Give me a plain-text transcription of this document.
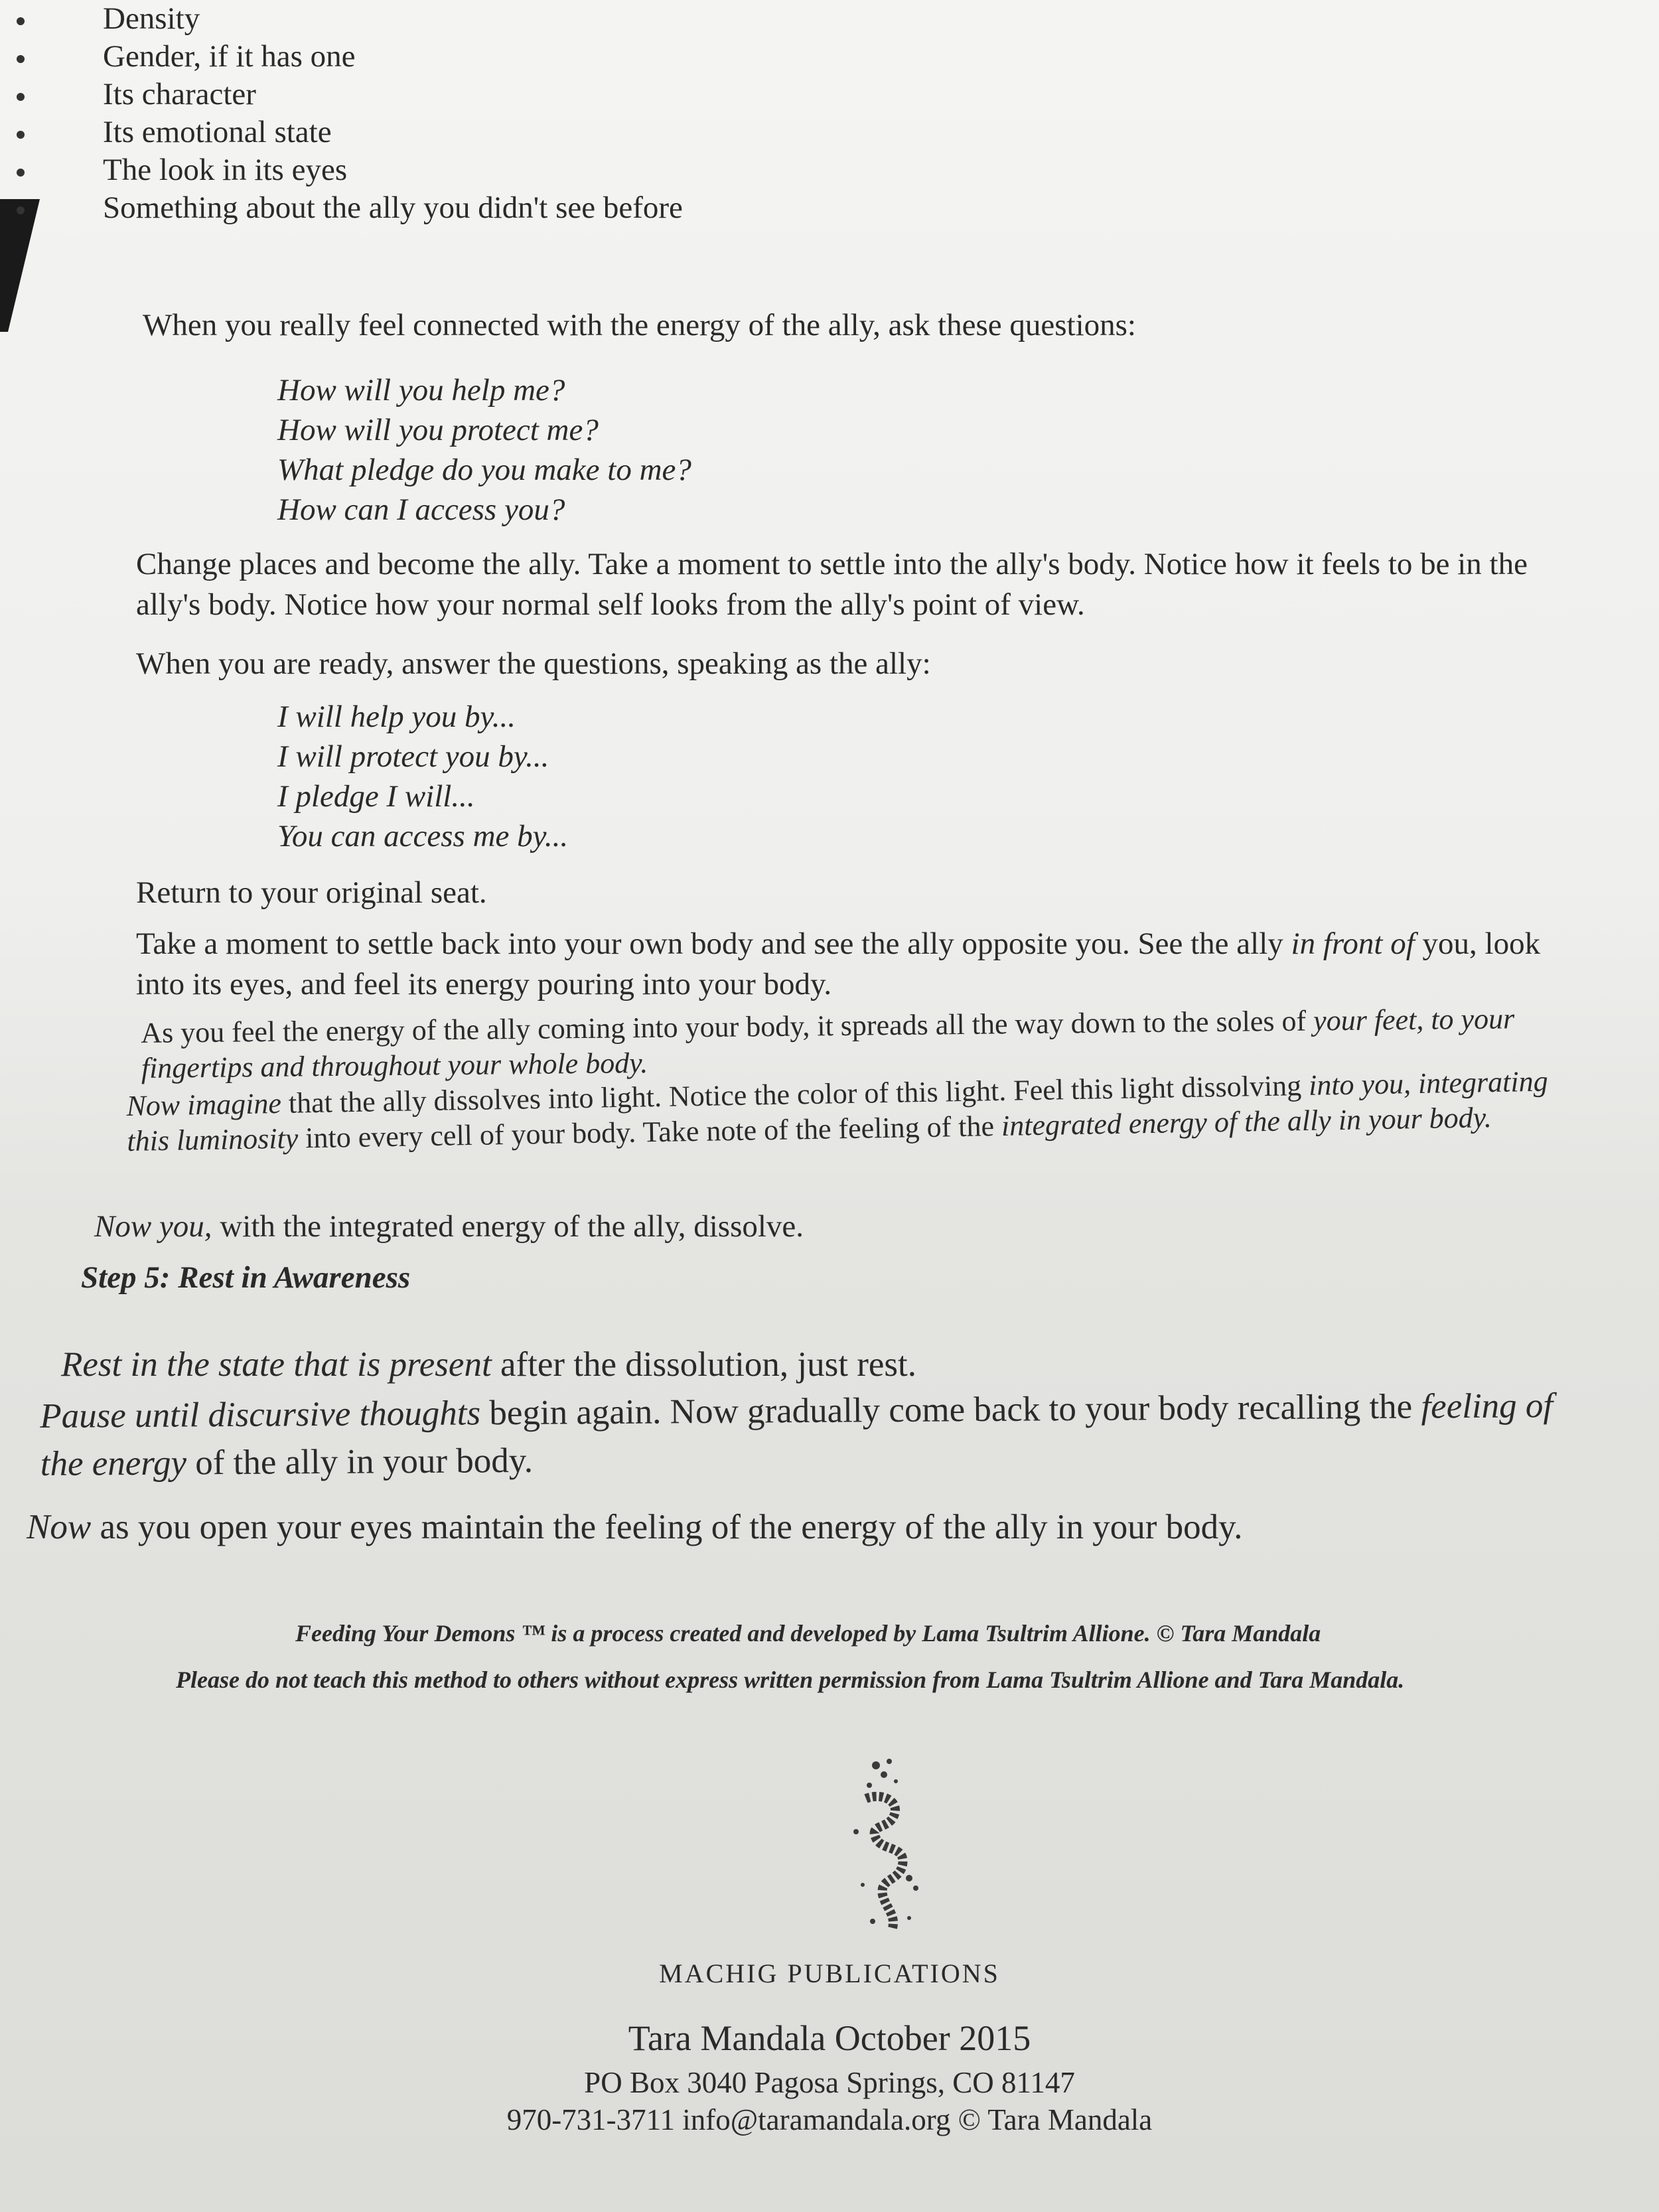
Density
Gender, if it has one
Its character
Its emotional state
The look in its eyes
Something about the ally you didn't see before

When you really feel connected with the energy of the ally, ask these questions:

How will you help me?
How will you protect me?
What pledge do you make to me?
How can I access you?

Change places and become the ally. Take a moment to settle into the ally's body. Notice how it feels to be in the ally's body. Notice how your normal self looks from the ally's point of view.

When you are ready, answer the questions, speaking as the ally:

I will help you by...
I will protect you by...
I pledge I will...
You can access me by...

Return to your original seat.

Take a moment to settle back into your own body and see the ally opposite you. See the ally in front of you, look into its eyes, and feel its energy pouring into your body.

As you feel the energy of the ally coming into your body, it spreads all the way down to the soles of your feet, to your fingertips and throughout your whole body.

Now imagine that the ally dissolves into light. Notice the color of this light. Feel this light dissolving into you, integrating this luminosity into every cell of your body. Take note of the feeling of the integrated energy of the ally in your body.

Now you, with the integrated energy of the ally, dissolve.

Step 5: Rest in Awareness

Rest in the state that is present after the dissolution, just rest.

Pause until discursive thoughts begin again. Now gradually come back to your body recalling the feeling of the energy of the ally in your body.

Now as you open your eyes maintain the feeling of the energy of the ally in your body.

Feeding Your Demons ™ is a process created and developed by Lama Tsultrim Allione. © Tara Mandala
Please do not teach this method to others without express written permission from Lama Tsultrim Allione and Tara Mandala.
MACHIG PUBLICATIONS
Tara Mandala October 2015
PO Box 3040 Pagosa Springs, CO 81147
970-731-3711 info@taramandala.org © Tara Mandala
